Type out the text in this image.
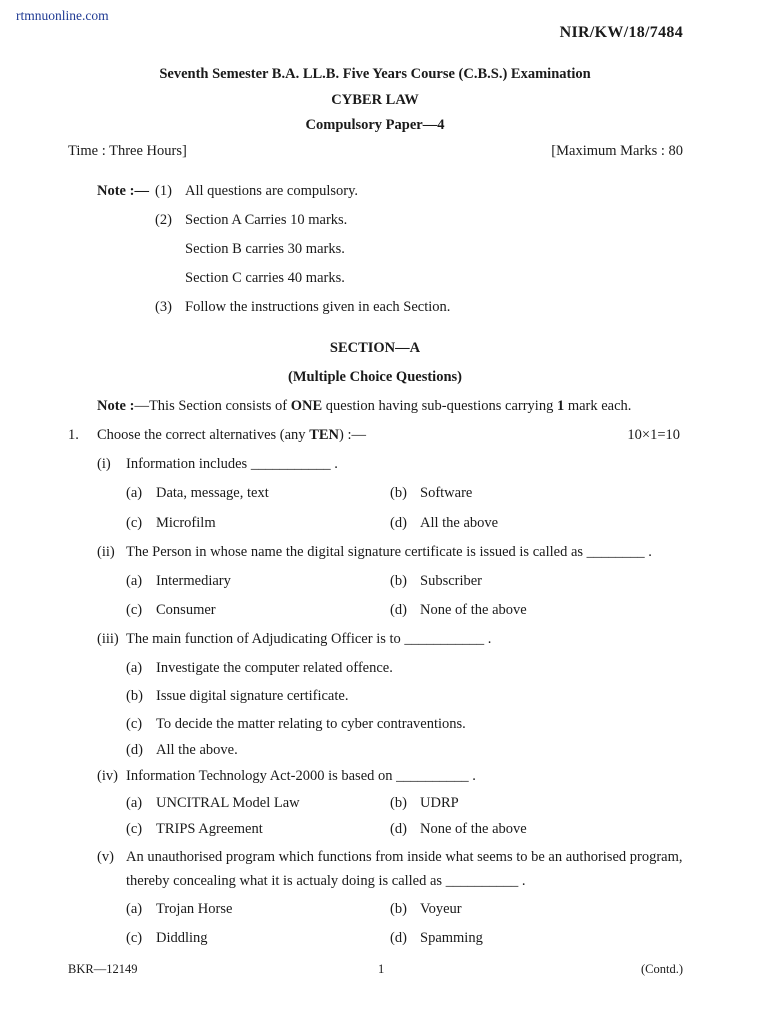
rtmnuonline.com
NIR/KW/18/7484
Seventh Semester B.A. LL.B. Five Years Course (C.B.S.) Examination
CYBER LAW
Compulsory Paper—4
Time : Three Hours]	[Maximum Marks : 80
Note :— (1) All questions are compulsory.
(2) Section A Carries 10 marks.
Section B carries 30 marks.
Section C carries 40 marks.
(3) Follow the instructions given in each Section.
SECTION—A
(Multiple Choice Questions)
Note :—This Section consists of ONE question having sub-questions carrying 1 mark each.
1. Choose the correct alternatives (any TEN) :—	10×1=10
(i) Information includes ___________ .
(a) Data, message, text	(b) Software
(c) Microfilm	(d) All the above
(ii) The Person in whose name the digital signature certificate is issued is called as ________ .
(a) Intermediary	(b) Subscriber
(c) Consumer	(d) None of the above
(iii) The main function of Adjudicating Officer is to ___________ .
(a) Investigate the computer related offence.
(b) Issue digital signature certificate.
(c) To decide the matter relating to cyber contraventions.
(d) All the above.
(iv) Information Technology Act-2000 is based on __________ .
(a) UNCITRAL Model Law	(b) UDRP
(c) TRIPS Agreement	(d) None of the above
(v) An unauthorised program which functions from inside what seems to be an authorised program,
thereby concealing what it is actualy doing is called as __________ .
(a) Trojan Horse	(b) Voyeur
(c) Diddling	(d) Spamming
BKR—12149	1	(Contd.)
